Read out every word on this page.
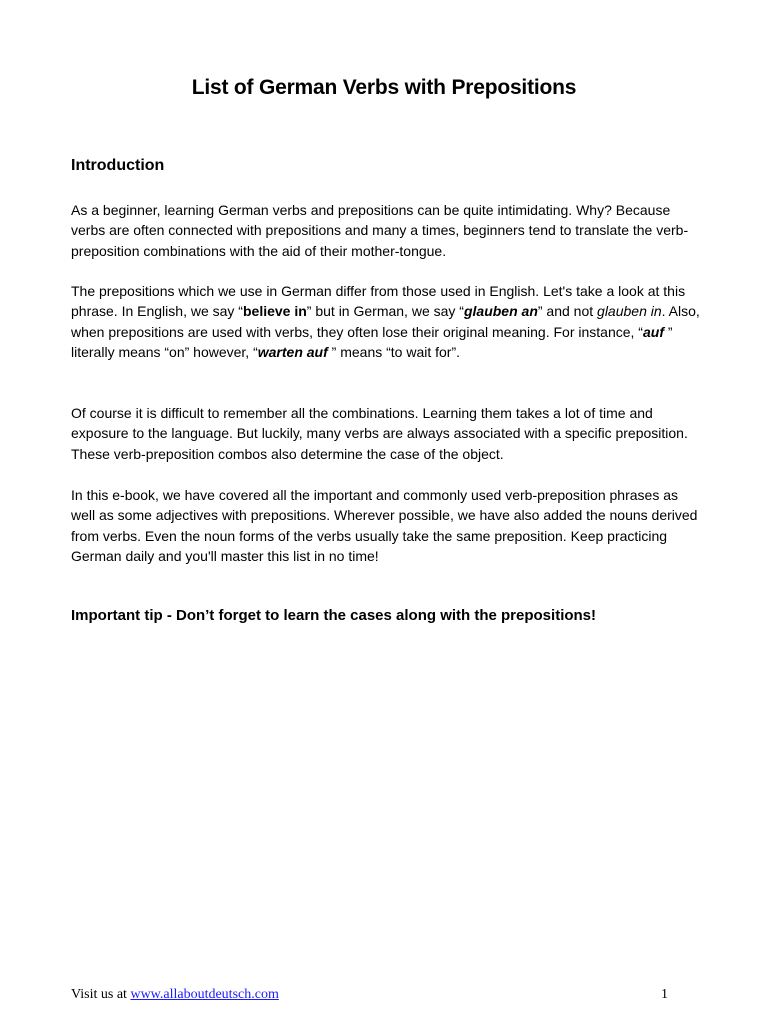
List of German Verbs with Prepositions
Introduction
As a beginner, learning German verbs and prepositions can be quite intimidating. Why? Because verbs are often connected with prepositions and many a times, beginners tend to translate the verb-preposition combinations with the aid of their mother-tongue.
The prepositions which we use in German differ from those used in English. Let's take a look at this phrase. In English, we say “believe in” but in German, we say “glauben an” and not glauben in. Also, when prepositions are used with verbs, they often lose their original meaning. For instance, “auf ” literally means “on” however, “warten auf ” means “to wait for”.
Of course it is difficult to remember all the combinations. Learning them takes a lot of time and exposure to the language. But luckily, many verbs are always associated with a specific preposition. These verb-preposition combos also determine the case of the object.
In this e-book, we have covered all the important and commonly used verb-preposition phrases as well as some adjectives with prepositions. Wherever possible, we have also added the nouns derived from verbs. Even the noun forms of the verbs usually take the same preposition. Keep practicing German daily and you'll master this list in no time!
Important tip - Don’t forget to learn the cases along with the prepositions!
Visit us at www.allaboutdeutsch.com	1
